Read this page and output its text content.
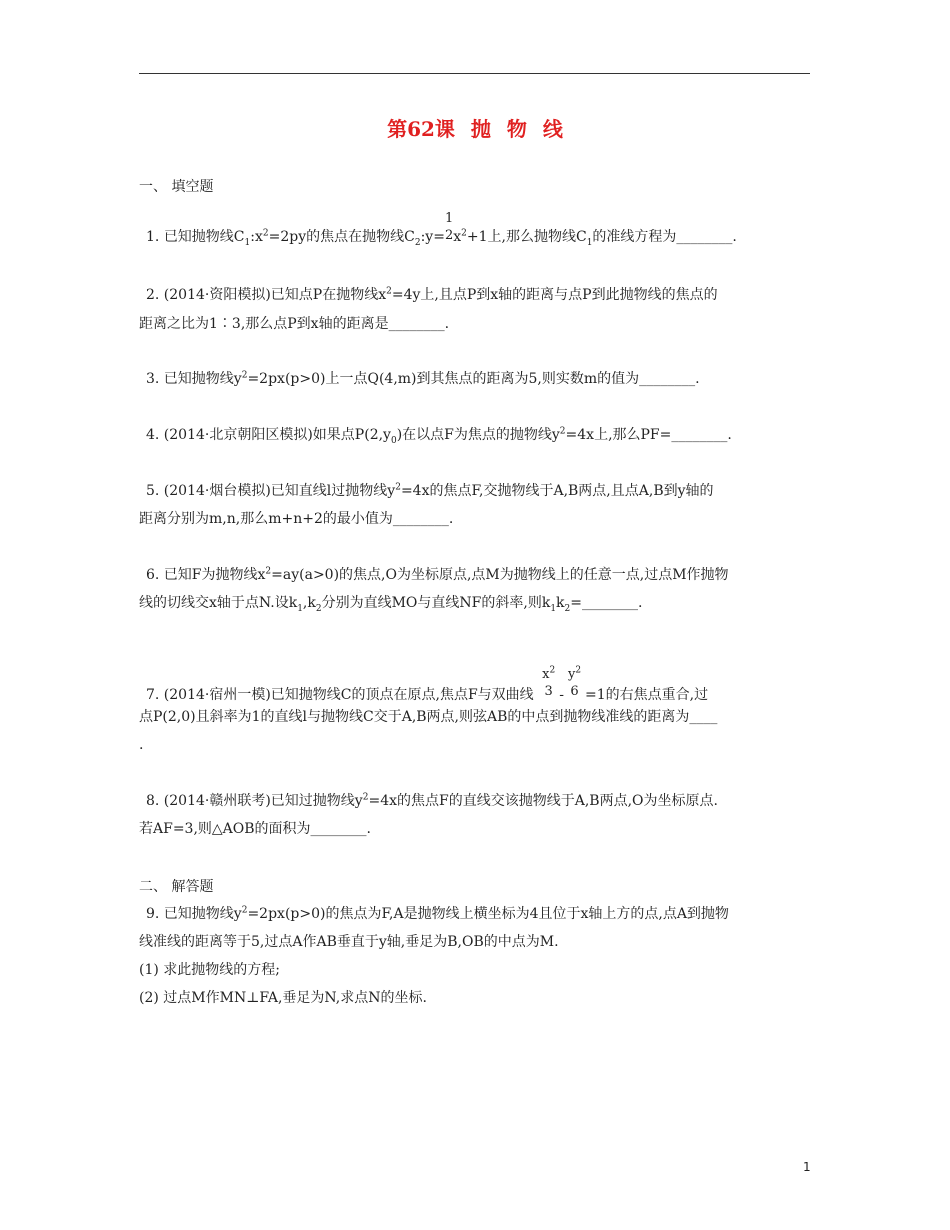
第62课 抛 物 线
一、 填空题
1. 已知抛物线$C_1:x^2=2py$的焦点在抛物线$C_2:y=$
1
2 $x^2+1$上,那么抛物线$C_1$的准线方程为________.
2. (2014·资阳模拟)已知点P在抛物线$x^2=4y$上,且点P到x轴的距离与点P到此抛物线的焦点的
距离之比为1∶3,那么点P到x轴的距离是________.
3. 已知抛物线$y^2=2px(p>0)$上一点Q(4,m)到其焦点的距离为5,则实数m的值为________.
4. (2014·北京朝阳区模拟)如果点$P(2,y_0)$在以点F为焦点的抛物线$y^2=4x$上,那么PF=________.
5. (2014·烟台模拟)已知直线l过抛物线$y^2=4x$的焦点F,交抛物线于A,B两点,且点A,B到y轴的
距离分别为m,n,那么m+n+2的最小值为________.
6. 已知F为抛物线$x^2=ay(a>0)$的焦点,O为坐标原点,点M为抛物线上的任意一点,过点M作抛物
线的切线交x轴于点N.设$k_1,k_2$分别为直线MO与直线NF的斜率,则$k_1k_2=\_\_\_\_\_\_\_\_$.
7. (2014·宿州一模)已知抛物线C的顶点在原点,焦点F与双曲线
$x^2$
3 -
$y^2$
6 =1的右焦点重合,过
点P(2,0)且斜率为1的直线l与抛物线C交于A,B两点,则弦AB的中点到抛物线准线的距离为____
.
8. (2014·赣州联考)已知过抛物线$y^2=4x$的焦点F的直线交该抛物线于A,B两点,O为坐标原点.
若AF=3,则△AOB的面积为________.
二、 解答题
9. 已知抛物线$y^2=2px(p>0)$的焦点为F,A是抛物线上横坐标为4且位于x轴上方的点,点A到抛物
线准线的距离等于5,过点A作AB垂直于y轴,垂足为B,OB的中点为M.
(1) 求此抛物线的方程;
(2) 过点M作MN⊥FA,垂足为N,求点N的坐标.
1
